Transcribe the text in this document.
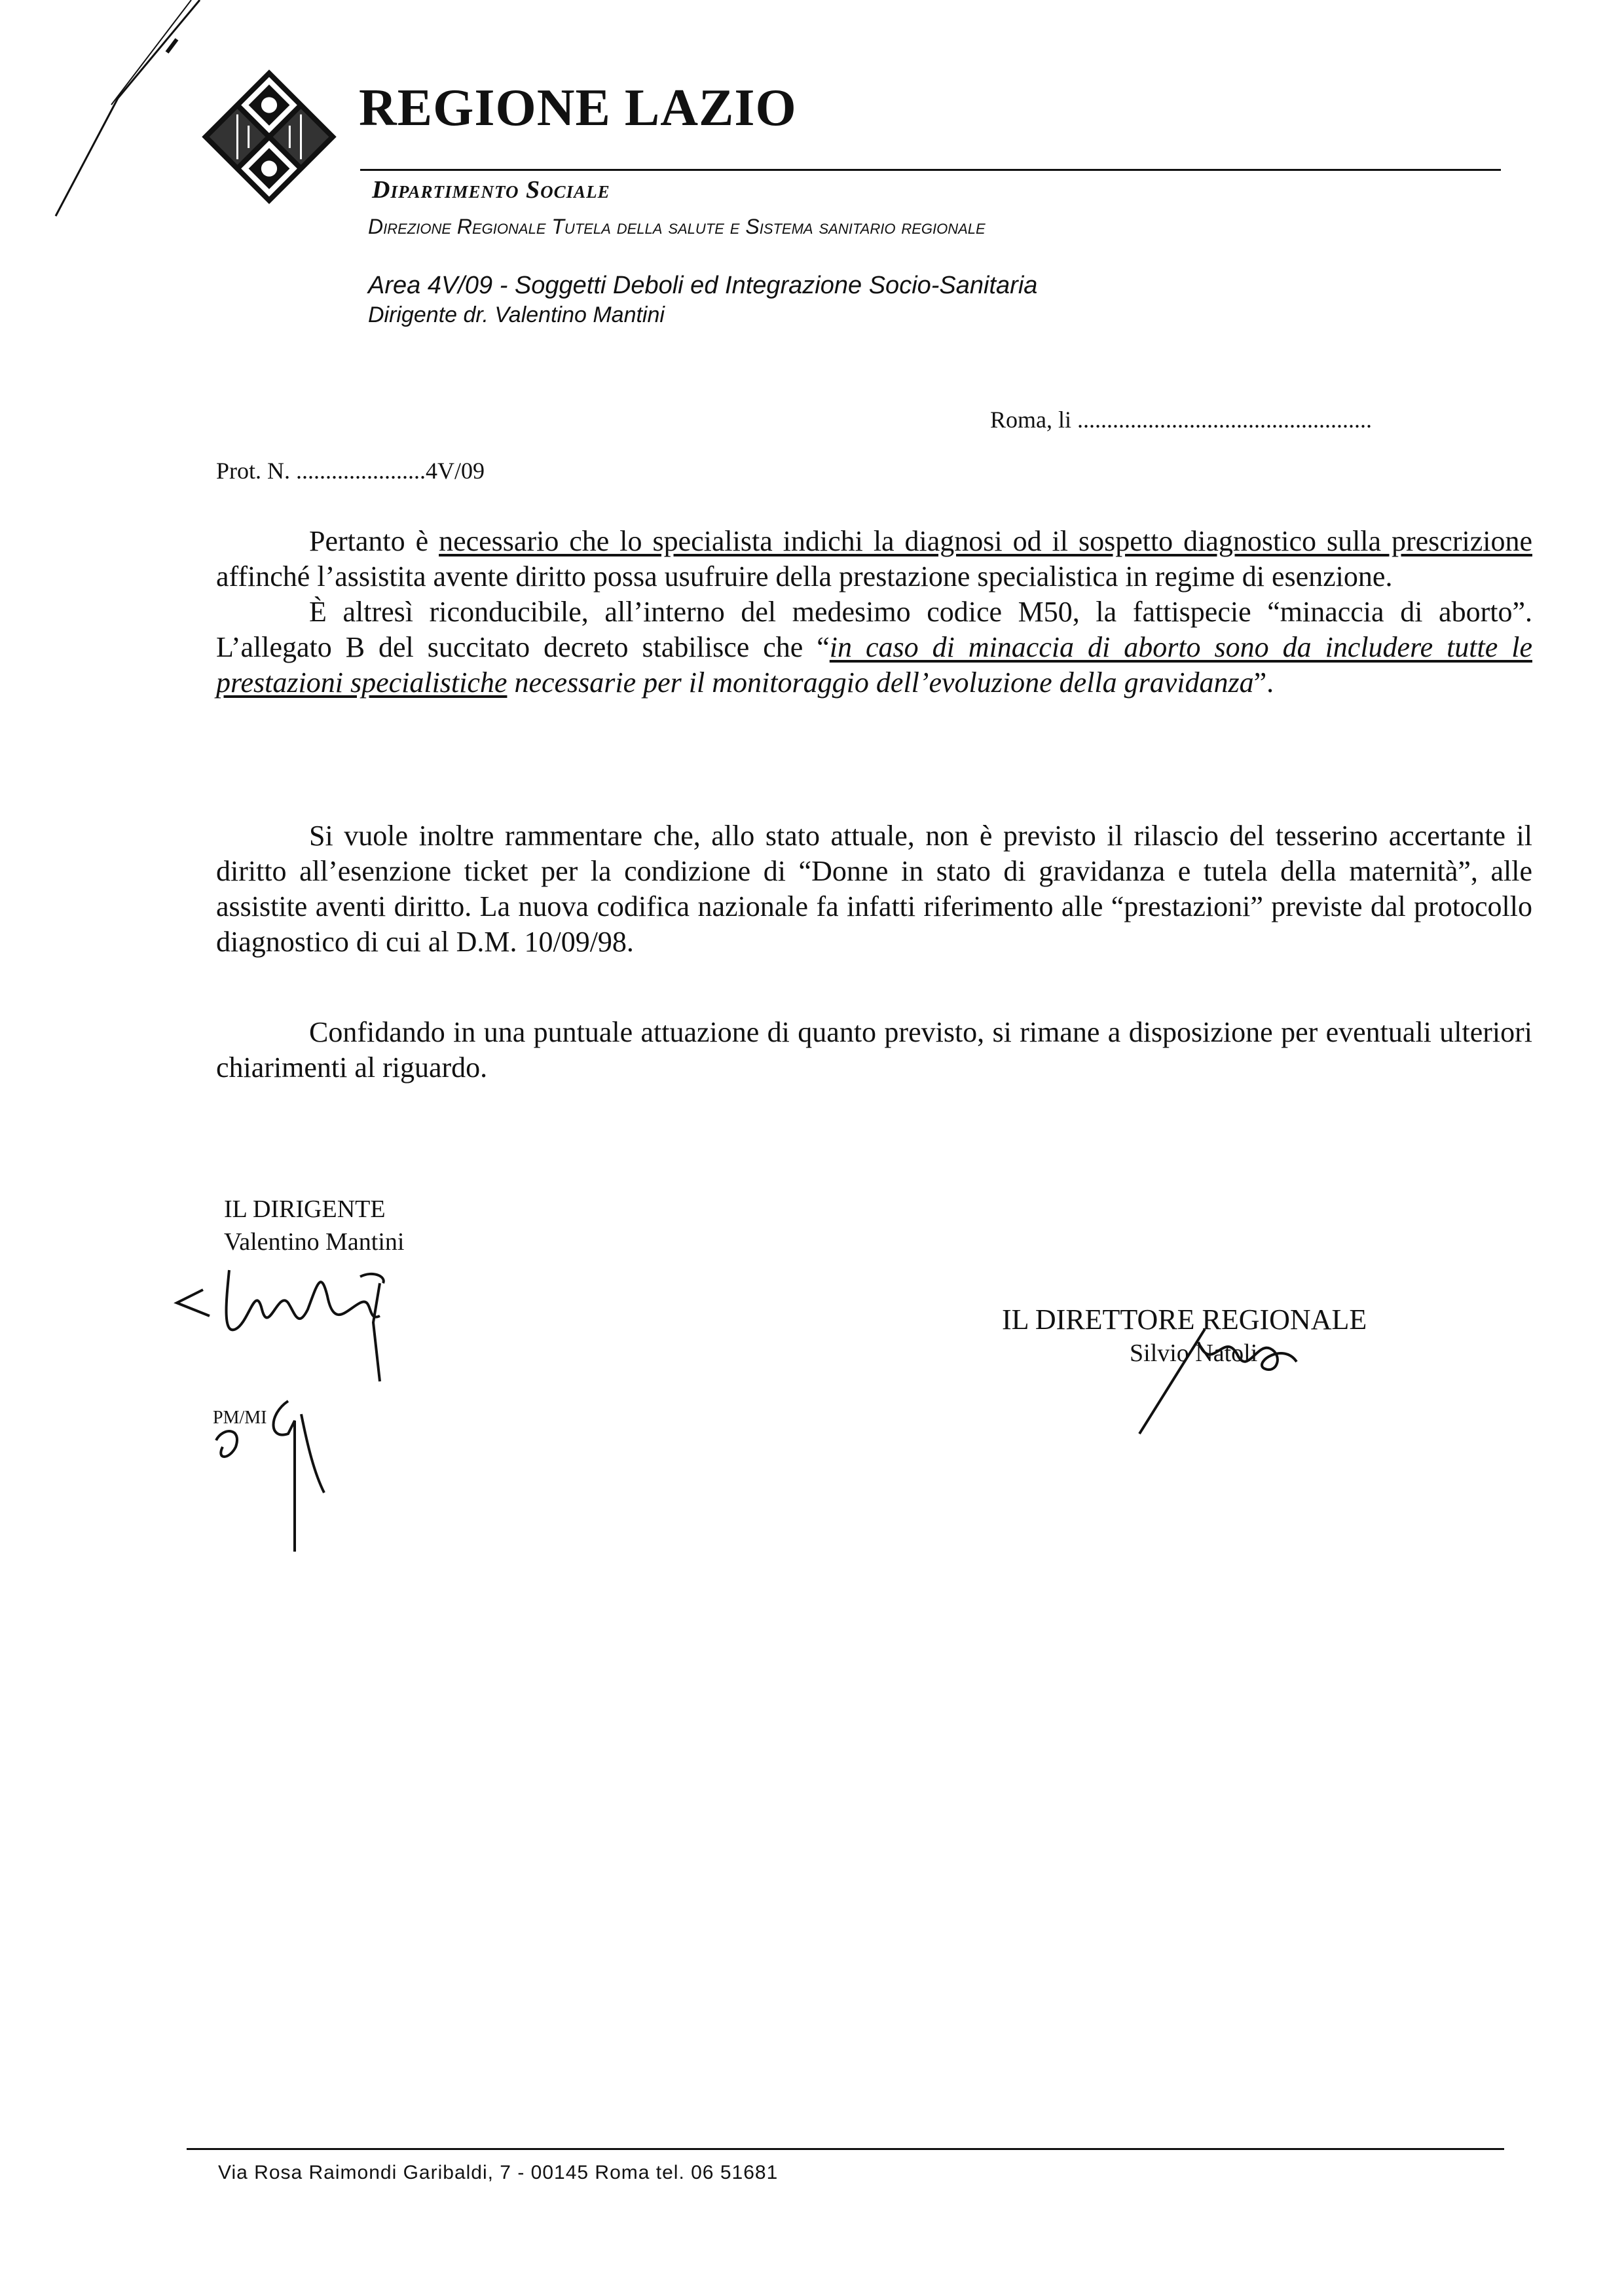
REGIONE LAZIO
Dipartimento Sociale
Direzione Regionale Tutela della salute e Sistema sanitario regionale
Area 4V/09 - Soggetti Deboli ed Integrazione Socio-Sanitaria
Dirigente dr. Valentino Mantini
Roma, li ..................................................
Prot. N. ......................4V/09

Pertanto è necessario che lo specialista indichi la diagnosi od il sospetto diagnostico sulla prescrizione affinché l’assistita avente diritto possa usufruire della prestazione specialistica in regime di esenzione.

È altresì riconducibile, all’interno del medesimo codice M50, la fattispecie “minaccia di aborto”. L’allegato B del succitato decreto stabilisce che “in caso di minaccia di aborto sono da includere tutte le prestazioni specialistiche necessarie per il monitoraggio dell’evoluzione della gravidanza”.

Si vuole inoltre rammentare che, allo stato attuale, non è previsto il rilascio del tesserino accertante il diritto all’esenzione ticket per la condizione di “Donne in stato di gravidanza e tutela della maternità”, alle assistite aventi diritto. La nuova codifica nazionale fa infatti riferimento alle “prestazioni” previste dal protocollo diagnostico di cui al D.M. 10/09/98.

Confidando in una puntuale attuazione di quanto previsto, si rimane a disposizione per eventuali ulteriori chiarimenti al riguardo.

IL DIRIGENTE
Valentino Mantini
IL DIRETTORE REGIONALE
Silvio Natoli
PM/MI
Via Rosa Raimondi Garibaldi, 7 - 00145 Roma tel. 06 51681
